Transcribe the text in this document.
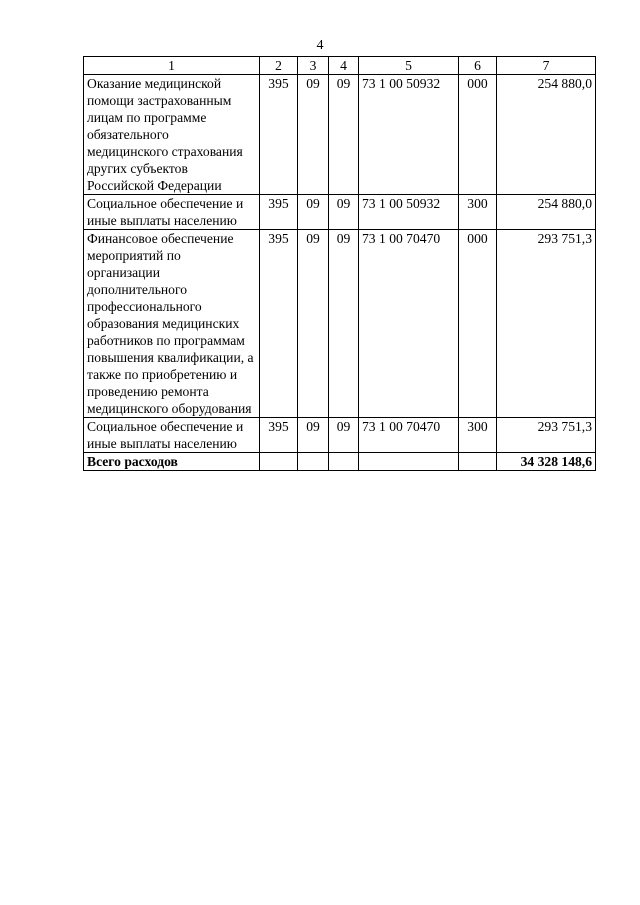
4
1	2	3	4	5	6	7
Оказание медицинской помощи застрахованным лицам по программе обязательного медицинского страхования других субъектов Российской Федерации	395	09	09	73 1 00 50932	000	254 880,0
Социальное обеспечение и иные выплаты населению	395	09	09	73 1 00 50932	300	254 880,0
Финансовое обеспечение мероприятий по организации дополнительного профессионального образования медицинских работников по программам повышения квалификации, а также по приобретению и проведению ремонта медицинского оборудования	395	09	09	73 1 00 70470	000	293 751,3
Социальное обеспечение и иные выплаты населению	395	09	09	73 1 00 70470	300	293 751,3
Всего расходов						34 328 148,6
